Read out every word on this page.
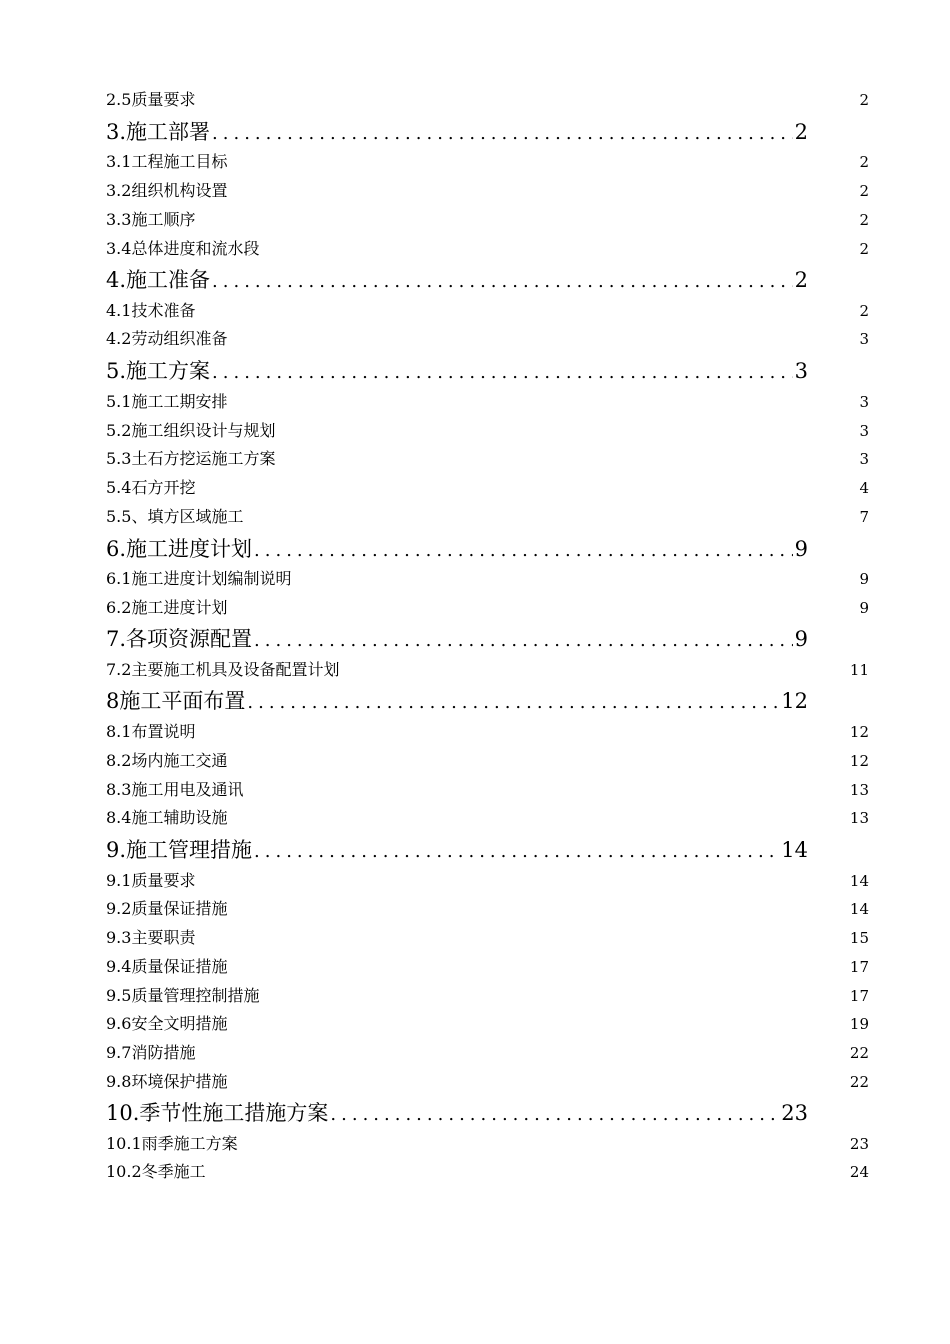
2.5质量要求	2
3.施工部署 .....	2
3.1工程施工目标	2
3.2组织机构设置	2
3.3施工顺序	2
3.4总体进度和流水段	2
4.施工准备 .....	2
4.1技术准备	2
4.2劳动组织准备	3
5.施工方案 .....	3
5.1施工工期安排	3
5.2施工组织设计与规划	3
5.3土石方挖运施工方案	3
5.4石方开挖	4
5.5、填方区域施工	7
6.施工进度计划 .....	9
6.1施工进度计划编制说明	9
6.2施工进度计划	9
7.各项资源配置 .....	9
7.2主要施工机具及设备配置计划	11
8施工平面布置 .....	12
8.1布置说明	12
8.2场内施工交通	12
8.3施工用电及通讯	13
8.4施工辅助设施	13
9.施工管理措施 .....	14
9.1质量要求	14
9.2质量保证措施	14
9.3主要职责	15
9.4质量保证措施	17
9.5质量管理控制措施	17
9.6安全文明措施	19
9.7消防措施	22
9.8环境保护措施	22
10.季节性施工措施方案 .....	23
10.1雨季施工方案	23
10.2冬季施工	24
